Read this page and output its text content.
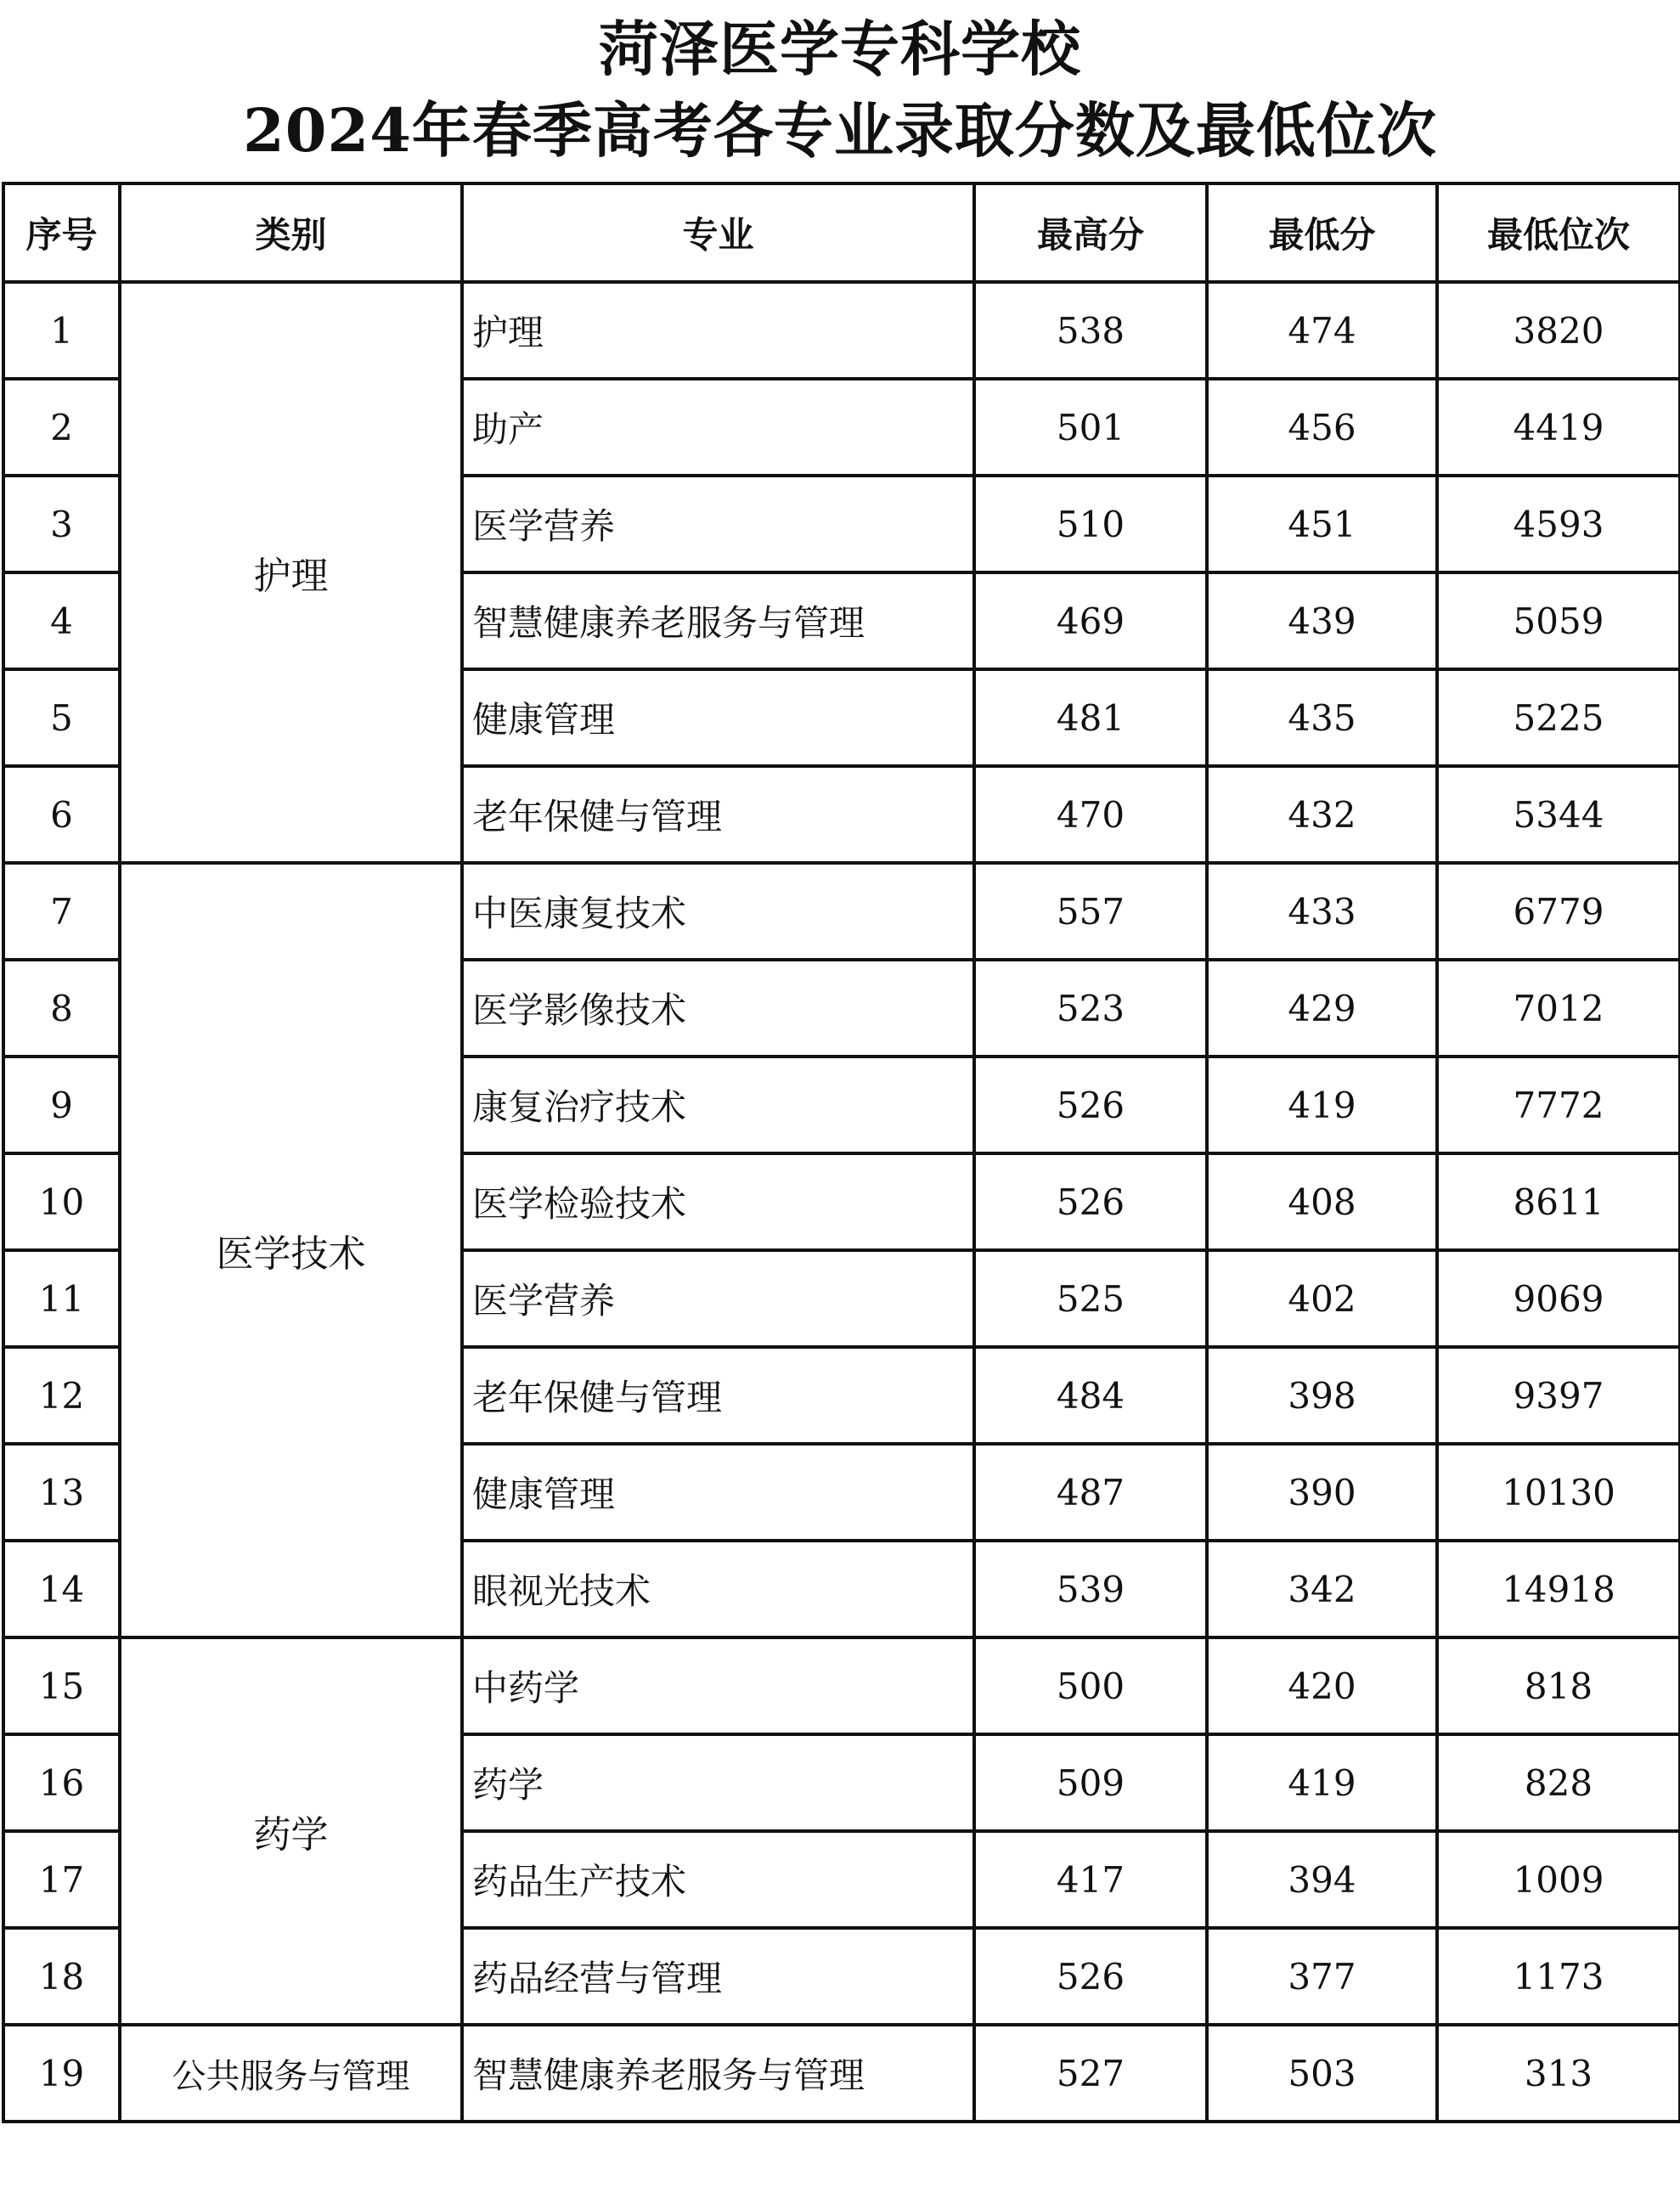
菏泽医学专科学校
2024年春季高考各专业录取分数及最低位次
序号	类别	专业	最高分	最低分	最低位次
1	护理	护理	538	474	3820
2		助产	501	456	4419
3		医学营养	510	451	4593
4		智慧健康养老服务与管理	469	439	5059
5		健康管理	481	435	5225
6		老年保健与管理	470	432	5344
7	医学技术	中医康复技术	557	433	6779
8		医学影像技术	523	429	7012
9		康复治疗技术	526	419	7772
10		医学检验技术	526	408	8611
11		医学营养	525	402	9069
12		老年保健与管理	484	398	9397
13		健康管理	487	390	10130
14		眼视光技术	539	342	14918
15	药学	中药学	500	420	818
16		药学	509	419	828
17		药品生产技术	417	394	1009
18		药品经营与管理	526	377	1173
19	公共服务与管理	智慧健康养老服务与管理	527	503	313
